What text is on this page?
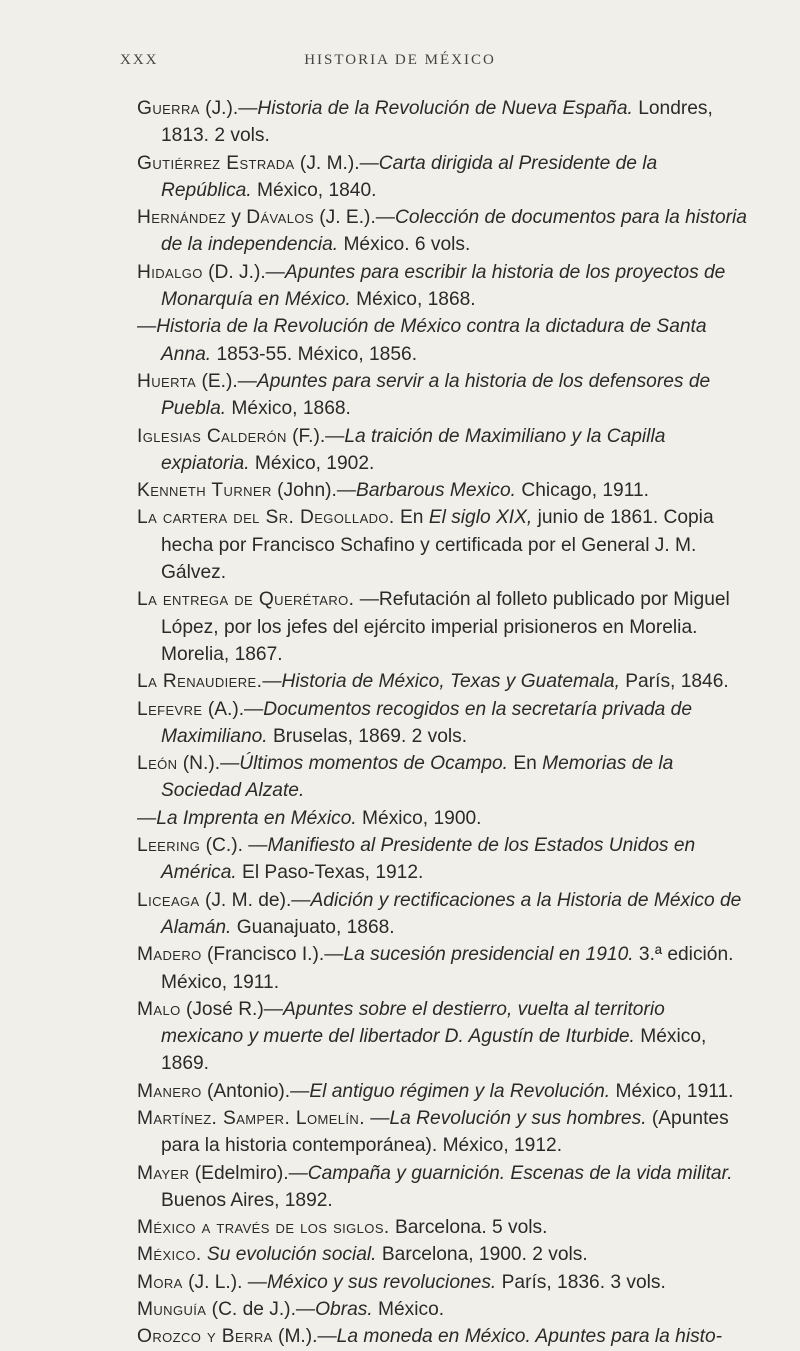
XXX	HISTORIA DE MÉXICO

Guerra (J.).—Historia de la Revolución de Nueva España. Londres, 1813. 2 vols.

Gutiérrez Estrada (J. M.).—Carta dirigida al Presidente de la República. México, 1840.

Hernández y Dávalos (J. E.).—Colección de documentos para la historia de la independencia. México. 6 vols.

Hidalgo (D. J.).—Apuntes para escribir la historia de los proyectos de Monarquía en México. México, 1868.

—Historia de la Revolución de México contra la dictadura de Santa Anna. 1853-55. México, 1856.

Huerta (E.).—Apuntes para servir a la historia de los defensores de Puebla. México, 1868.

Iglesias Calderón (F.).—La traición de Maximiliano y la Capilla expiatoria. México, 1902.

Kenneth Turner (John).—Barbarous Mexico. Chicago, 1911.

La cartera del Sr. Degollado. En El siglo XIX, junio de 1861. Copia hecha por Francisco Schafino y certificada por el General J. M. Gálvez.

La entrega de Querétaro. —Refutación al folleto publicado por Miguel López, por los jefes del ejército imperial prisioneros en Morelia. Morelia, 1867.

La Renaudiere.—Historia de México, Texas y Guatemala, París, 1846.

Lefevre (A.).—Documentos recogidos en la secretaría privada de Maximiliano. Bruselas, 1869. 2 vols.

León (N.).—Últimos momentos de Ocampo. En Memorias de la Sociedad Alzate.

—La Imprenta en México. México, 1900.

Leering (C.). —Manifiesto al Presidente de los Estados Unidos en América. El Paso-Texas, 1912.

Liceaga (J. M. de).—Adición y rectificaciones a la Historia de México de Alamán. Guanajuato, 1868.

Madero (Francisco I.).—La sucesión presidencial en 1910. 3.ª edición. México, 1911.

Malo (José R.)—Apuntes sobre el destierro, vuelta al territorio mexicano y muerte del libertador D. Agustín de Iturbide. México, 1869.

Manero (Antonio).—El antiguo régimen y la Revolución. México, 1911.

Martínez. Samper. Lomelín. —La Revolución y sus hombres. (Apuntes para la historia contemporánea). México, 1912.

Mayer (Edelmiro).—Campaña y guarnición. Escenas de la vida militar. Buenos Aires, 1892.

México a través de los siglos. Barcelona. 5 vols.

México. Su evolución social. Barcelona, 1900. 2 vols.

Mora (J. L.). —México y sus revoluciones. París, 1836. 3 vols.

Munguía (C. de J.).—Obras. México.

Orozco y Berra (M.).—La moneda en México. Apuntes para la histo-
